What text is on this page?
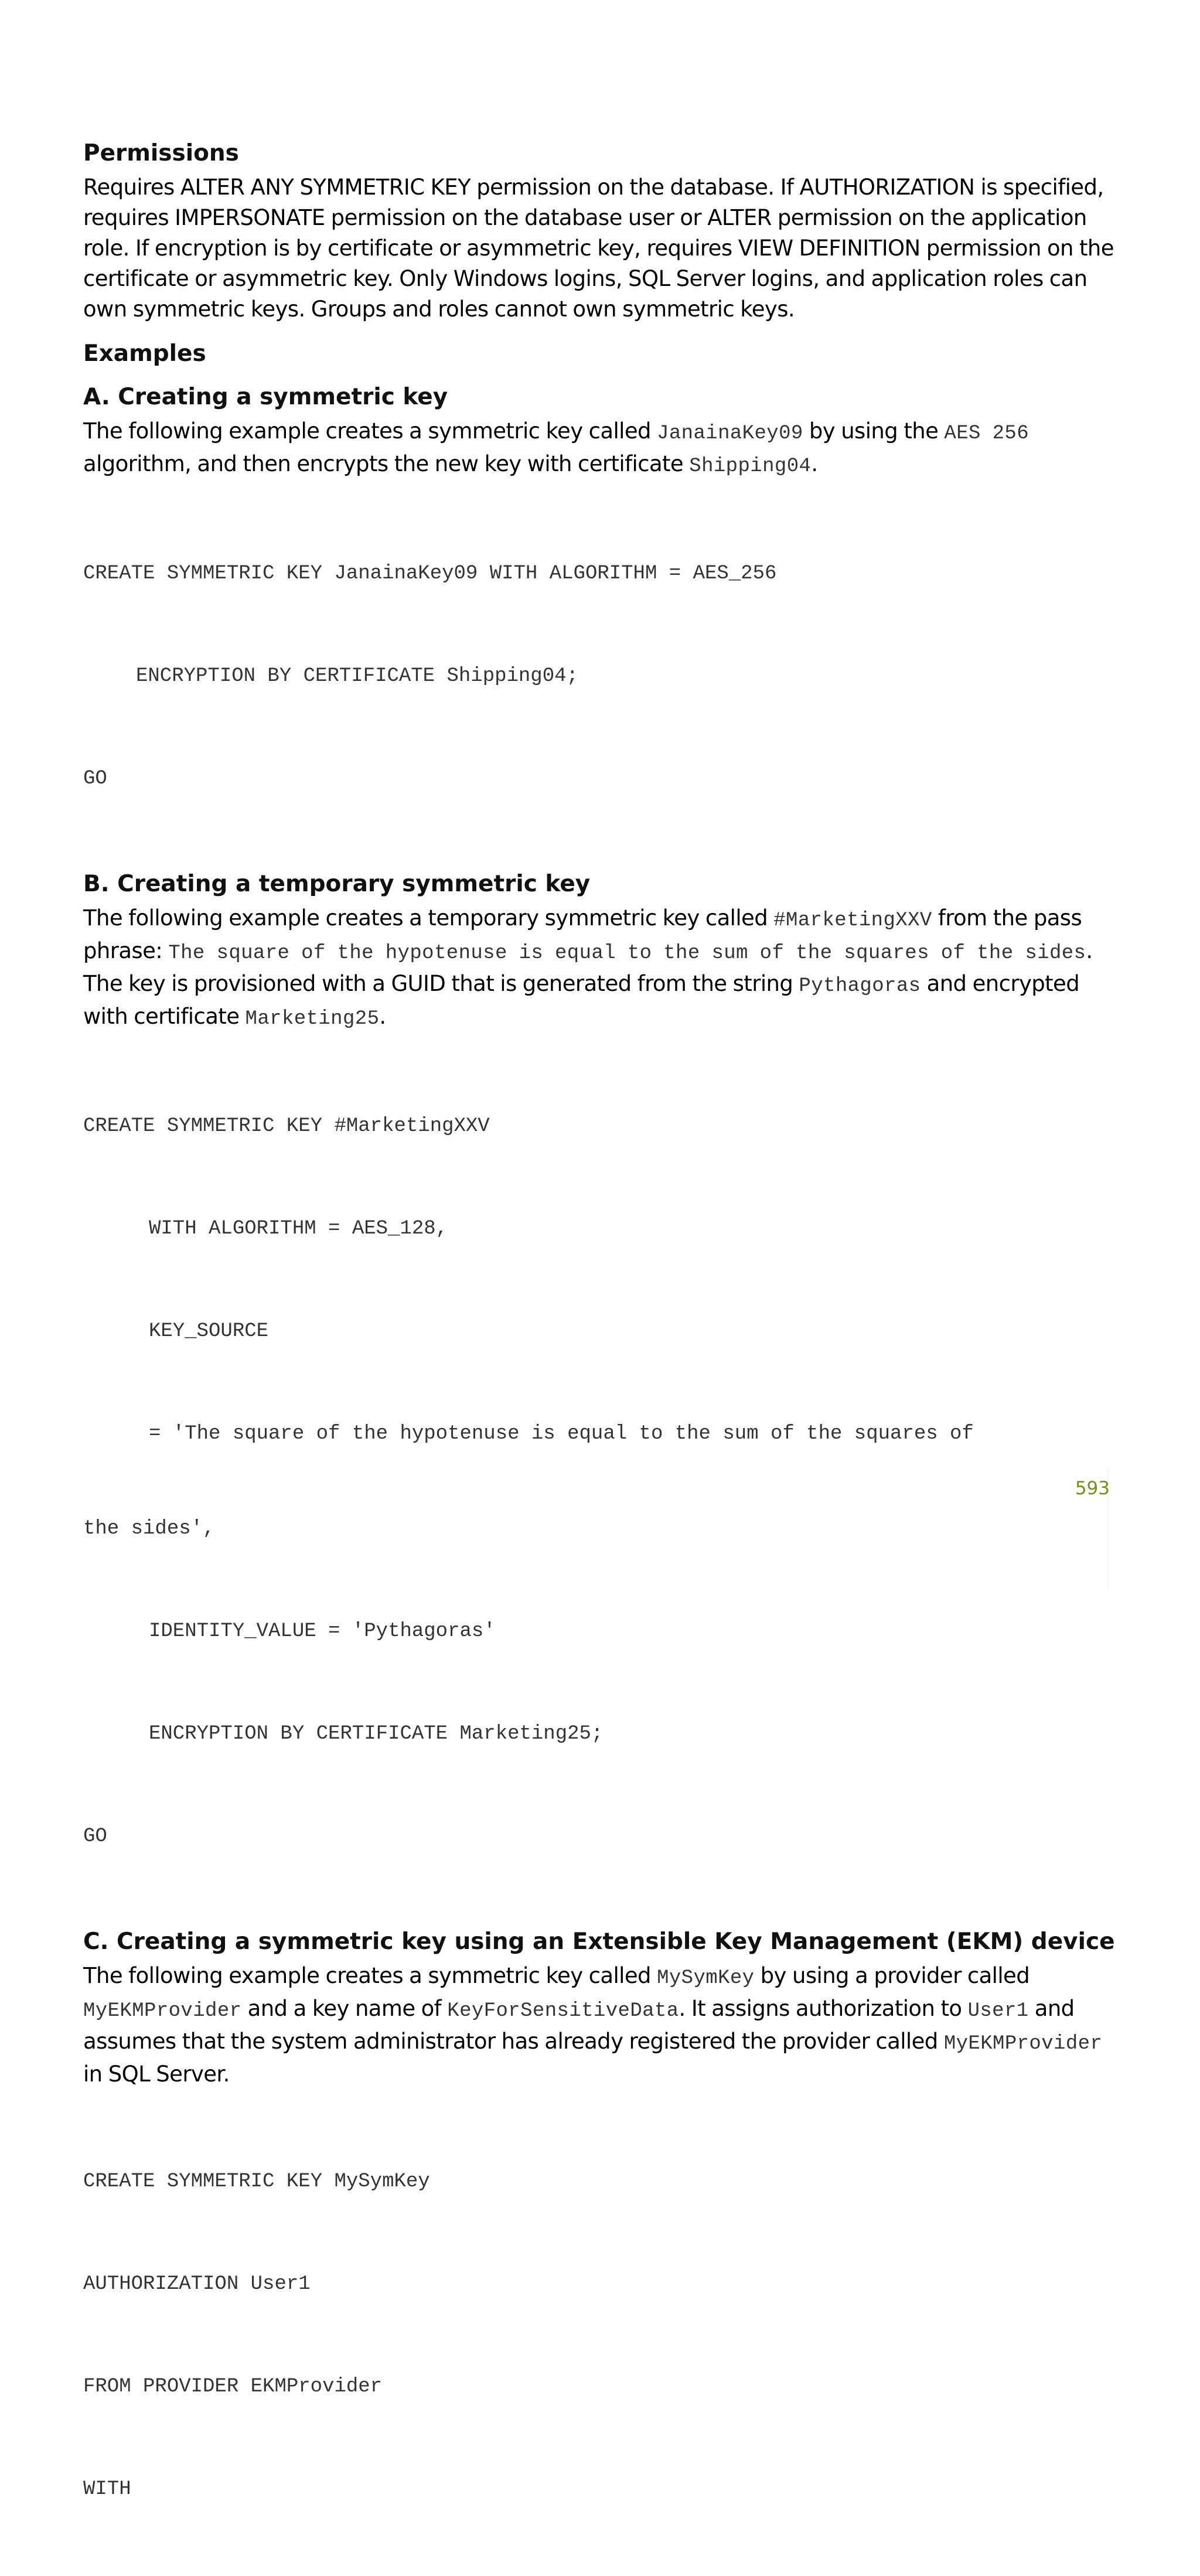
Permissions

Requires ALTER ANY SYMMETRIC KEY permission on the database. If AUTHORIZATION is specified, requires IMPERSONATE permission on the database user or ALTER permission on the application role. If encryption is by certificate or asymmetric key, requires VIEW DEFINITION permission on the certificate or asymmetric key. Only Windows logins, SQL Server logins, and application roles can own symmetric keys. Groups and roles cannot own symmetric keys.

Examples
A. Creating a symmetric key

The following example creates a symmetric key called JanainaKey09 by using the AES 256 algorithm, and then encrypts the new key with certificate Shipping04.

CREATE SYMMETRIC KEY JanainaKey09 WITH ALGORITHM = AES_256

ENCRYPTION BY CERTIFICATE Shipping04;

GO

B. Creating a temporary symmetric key

The following example creates a temporary symmetric key called #MarketingXXV from the pass phrase: The square of the hypotenuse is equal to the sum of the squares of the sides. The key is provisioned with a GUID that is generated from the string Pythagoras and encrypted with certificate Marketing25.

CREATE SYMMETRIC KEY #MarketingXXV

WITH ALGORITHM = AES_128,

KEY_SOURCE

= 'The square of the hypotenuse is equal to the sum of the squares of

the sides',

IDENTITY_VALUE = 'Pythagoras'

ENCRYPTION BY CERTIFICATE Marketing25;

GO

C. Creating a symmetric key using an Extensible Key Management (EKM) device

The following example creates a symmetric key called MySymKey by using a provider called MyEKMProvider and a key name of KeyForSensitiveData. It assigns authorization to User1 and assumes that the system administrator has already registered the provider called MyEKMProvider in SQL Server.

CREATE SYMMETRIC KEY MySymKey

AUTHORIZATION User1

FROM PROVIDER EKMProvider

WITH

593
